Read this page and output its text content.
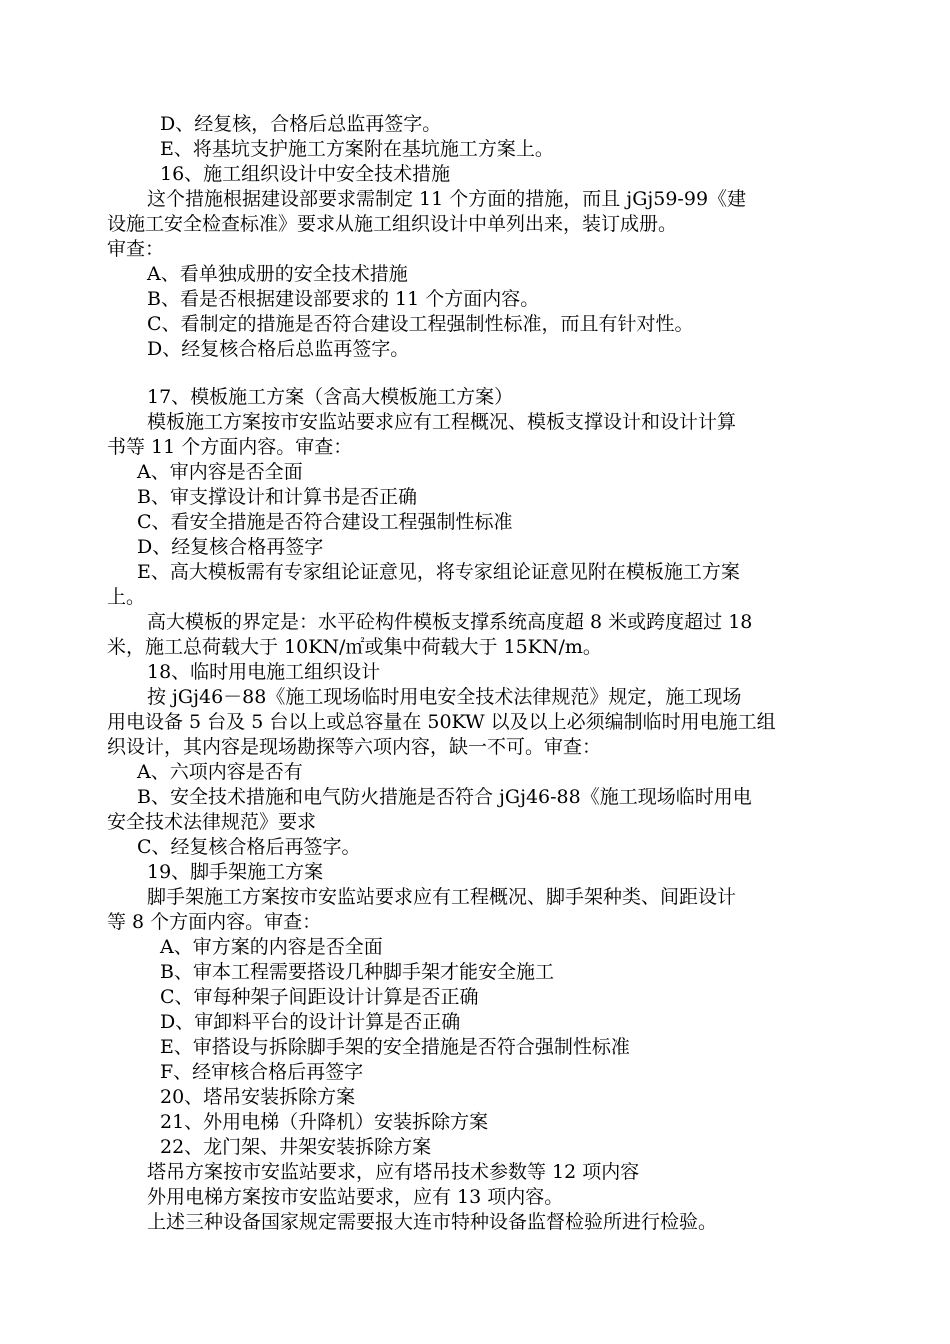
D、经复核，合格后总监再签字。
E、将基坑支护施工方案附在基坑施工方案上。
16、施工组织设计中安全技术措施
这个措施根据建设部要求需制定 11 个方面的措施，而且 jGj59-99《建
设施工安全检查标准》要求从施工组织设计中单列出来，装订成册。
审查：
A、看单独成册的安全技术措施
B、看是否根据建设部要求的 11 个方面内容。
C、看制定的措施是否符合建设工程强制性标准，而且有针对性。
D、经复核合格后总监再签字。
17、模板施工方案（含高大模板施工方案）
模板施工方案按市安监站要求应有工程概况、模板支撑设计和设计计算
书等 11 个方面内容。审查：
A、审内容是否全面
B、审支撑设计和计算书是否正确
C、看安全措施是否符合建设工程强制性标准
D、经复核合格再签字
E、高大模板需有专家组论证意见，将专家组论证意见附在模板施工方案
上。
高大模板的界定是：水平砼构件模板支撑系统高度超 8 米或跨度超过 18
米，施工总荷载大于 10KN/㎡或集中荷载大于 15KN/m。
18、临时用电施工组织设计
按 jGj46－88《施工现场临时用电安全技术法律规范》规定，施工现场
用电设备 5 台及 5 台以上或总容量在 50KW 以及以上必须编制临时用电施工组
织设计，其内容是现场勘探等六项内容，缺一不可。审查：
A、六项内容是否有
B、安全技术措施和电气防火措施是否符合 jGj46-88《施工现场临时用电
安全技术法律规范》要求
C、经复核合格后再签字。
19、脚手架施工方案
脚手架施工方案按市安监站要求应有工程概况、脚手架种类、间距设计
等 8 个方面内容。审查：
A、审方案的内容是否全面
B、审本工程需要搭设几种脚手架才能安全施工
C、审每种架子间距设计计算是否正确
D、审卸料平台的设计计算是否正确
E、审搭设与拆除脚手架的安全措施是否符合强制性标准
F、经审核合格后再签字
20、塔吊安装拆除方案
21、外用电梯（升降机）安装拆除方案
22、龙门架、井架安装拆除方案
塔吊方案按市安监站要求，应有塔吊技术参数等 12 项内容
外用电梯方案按市安监站要求，应有 13 项内容。
上述三种设备国家规定需要报大连市特种设备监督检验所进行检验。
